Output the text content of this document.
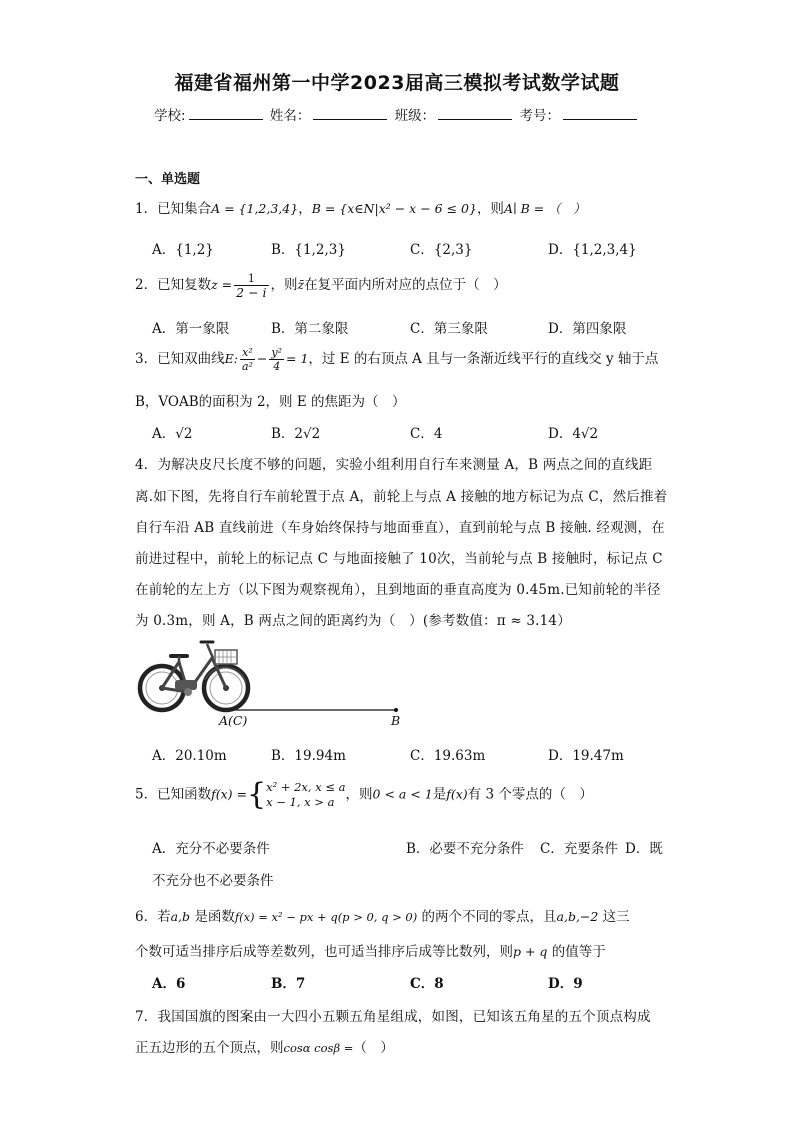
福建省福州第一中学2023届高三模拟考试数学试题
学校:	姓名：	班级：	考号：
一、单选题
1．已知集合A = {1,2,3,4}，B = {x∈N|x² − x − 6 ≤ 0}，则A∣ B = （　）
A．{1,2}	B．{1,2,3}	C．{2,3}	D．{1,2,3,4}
2．已知复数$z = \frac{1}{2 - i}$ ，则z̄在复平面内所对应的点位于（　）
A．第一象限	B．第二象限	C．第三象限	D．第四象限
3．已知双曲线E: $\frac{\text{x²}}{\text{a²}} - \frac{\text{y²}}{4} = 1$，过 E 的右顶点 A 且与一条渐近线平行的直线交 y 轴于点
B，VOAB的面积为 2，则 E 的焦距为（　）
A．√2	B．2√2	C．4	D．4√2
4．为解决皮尺长度不够的问题，实验小组利用自行车来测量 A，B 两点之间的直线距
离.如下图，先将自行车前轮置于点 A，前轮上与点 A 接触的地方标记为点 C，然后推着
自行车沿 AB 直线前进（车身始终保持与地面垂直），直到前轮与点 B 接触. 经观测，在
前进过程中，前轮上的标记点 C 与地面接触了 10次，当前轮与点 B 接触时，标记点 C
在前轮的左上方（以下图为观察视角），且到地面的垂直高度为 0.45m.已知前轮的半径
为 0.3m，则 A，B 两点之间的距离约为（　）(参考数值：π ≈ 3.14）
A(C)	B
A．20.10m	B．19.94m	C．19.63m	D．19.47m
5．已知函数f(x) ={ x² + 2x, x ≤ a
x − 1, x > a ，则0 < a < 1是f(x)有 3 个零点的（　）
A．充分不必要条件	B．必要不充分条件 C．充要条件 D．既
不充分也不必要条件
6．若a,b 是函数f(x) = x² − px + q(p > 0, q > 0) 的两个不同的零点，且a,b,−2 这三
个数可适当排序后成等差数列，也可适当排序后成等比数列，则p + q 的值等于
A．6	B．7	C．8	D．9
7．我国国旗的图案由一大四小五颗五角星组成，如图，已知该五角星的五个顶点构成
正五边形的五个顶点，则cosα cosβ =（　）
